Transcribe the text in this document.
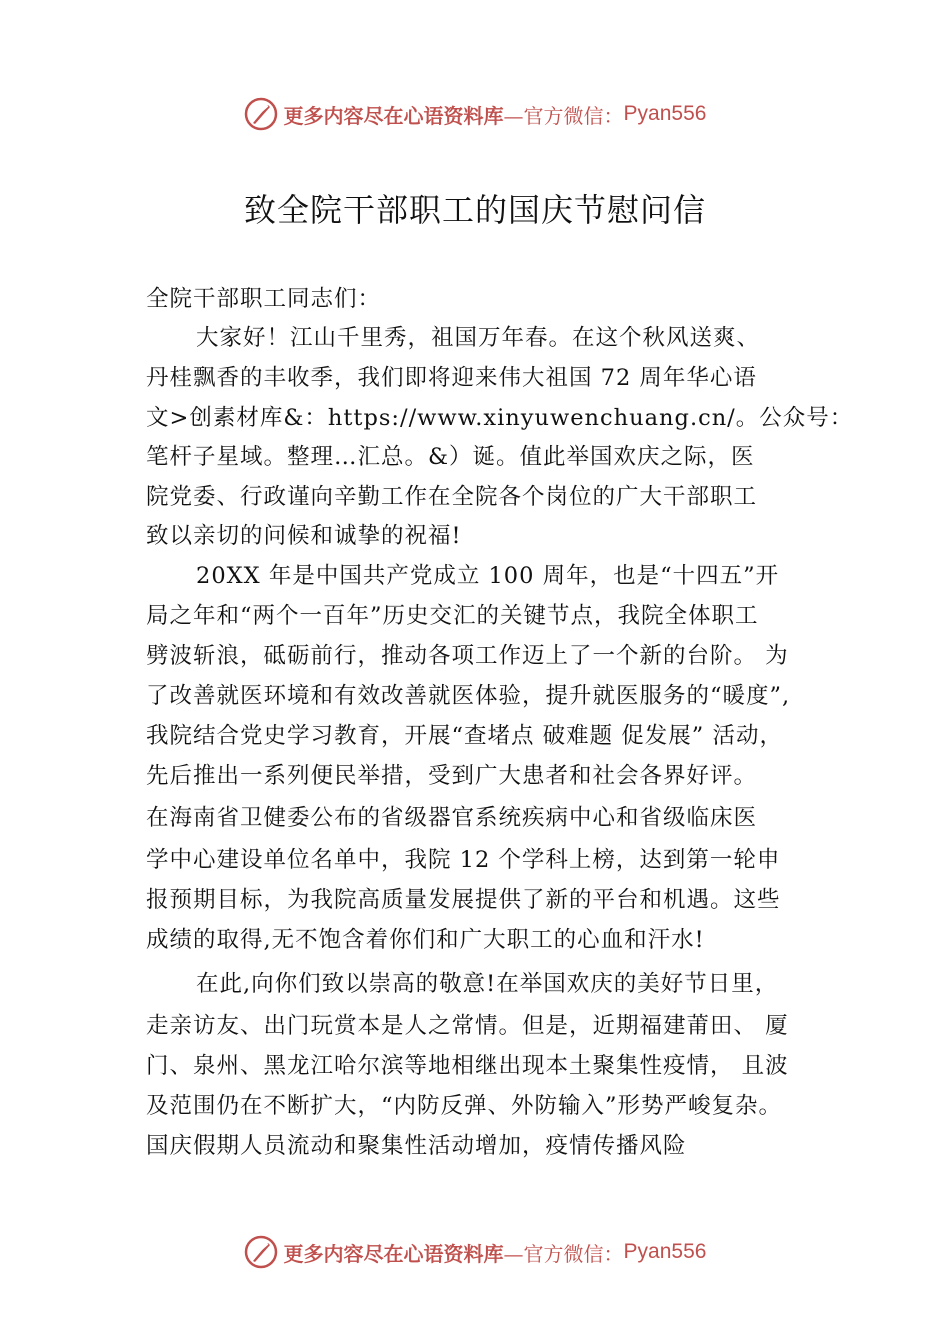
更多内容尽在心语资料库 —官方微信： Pyan556
致全院干部职工的国庆节慰问信
全院干部职工同志们：
大家好！江山千里秀，祖国万年春。在这个秋风送爽、
丹桂飘香的丰收季，我们即将迎来伟大祖国 72 周年华心语
文>创素材库&：https://www.xinyuwenchuang.cn/。公众号：
笔杆子星域。整理…汇总。&）诞。值此举国欢庆之际，医
院党委、行政谨向辛勤工作在全院各个岗位的广大干部职工
致以亲切的问候和诚挚的祝福!
20XX 年是中国共产党成立 100 周年，也是“十四五”开
局之年和“两个一百年”历史交汇的关键节点，我院全体职工
劈波斩浪，砥砺前行，推动各项工作迈上了一个新的台阶。 为
了改善就医环境和有效改善就医体验，提升就医服务的“暖度”,
我院结合党史学习教育，开展“查堵点 破难题 促发展” 活动，
先后推出一系列便民举措，受到广大患者和社会各界好评。
在海南省卫健委公布的省级器官系统疾病中心和省级临床医
学中心建设单位名单中，我院 12 个学科上榜，达到第一轮申
报预期目标，为我院高质量发展提供了新的平台和机遇。这些
成绩的取得,无不饱含着你们和广大职工的心血和汗水!
在此,向你们致以崇高的敬意!在举国欢庆的美好节日里，
走亲访友、出门玩赏本是人之常情。但是，近期福建莆田、 厦
门、泉州、黑龙江哈尔滨等地相继出现本土聚集性疫情， 且波
及范围仍在不断扩大，“内防反弹、外防输入”形势严峻复杂。
国庆假期人员流动和聚集性活动增加，疫情传播风险
更多内容尽在心语资料库 —官方微信： Pyan556
